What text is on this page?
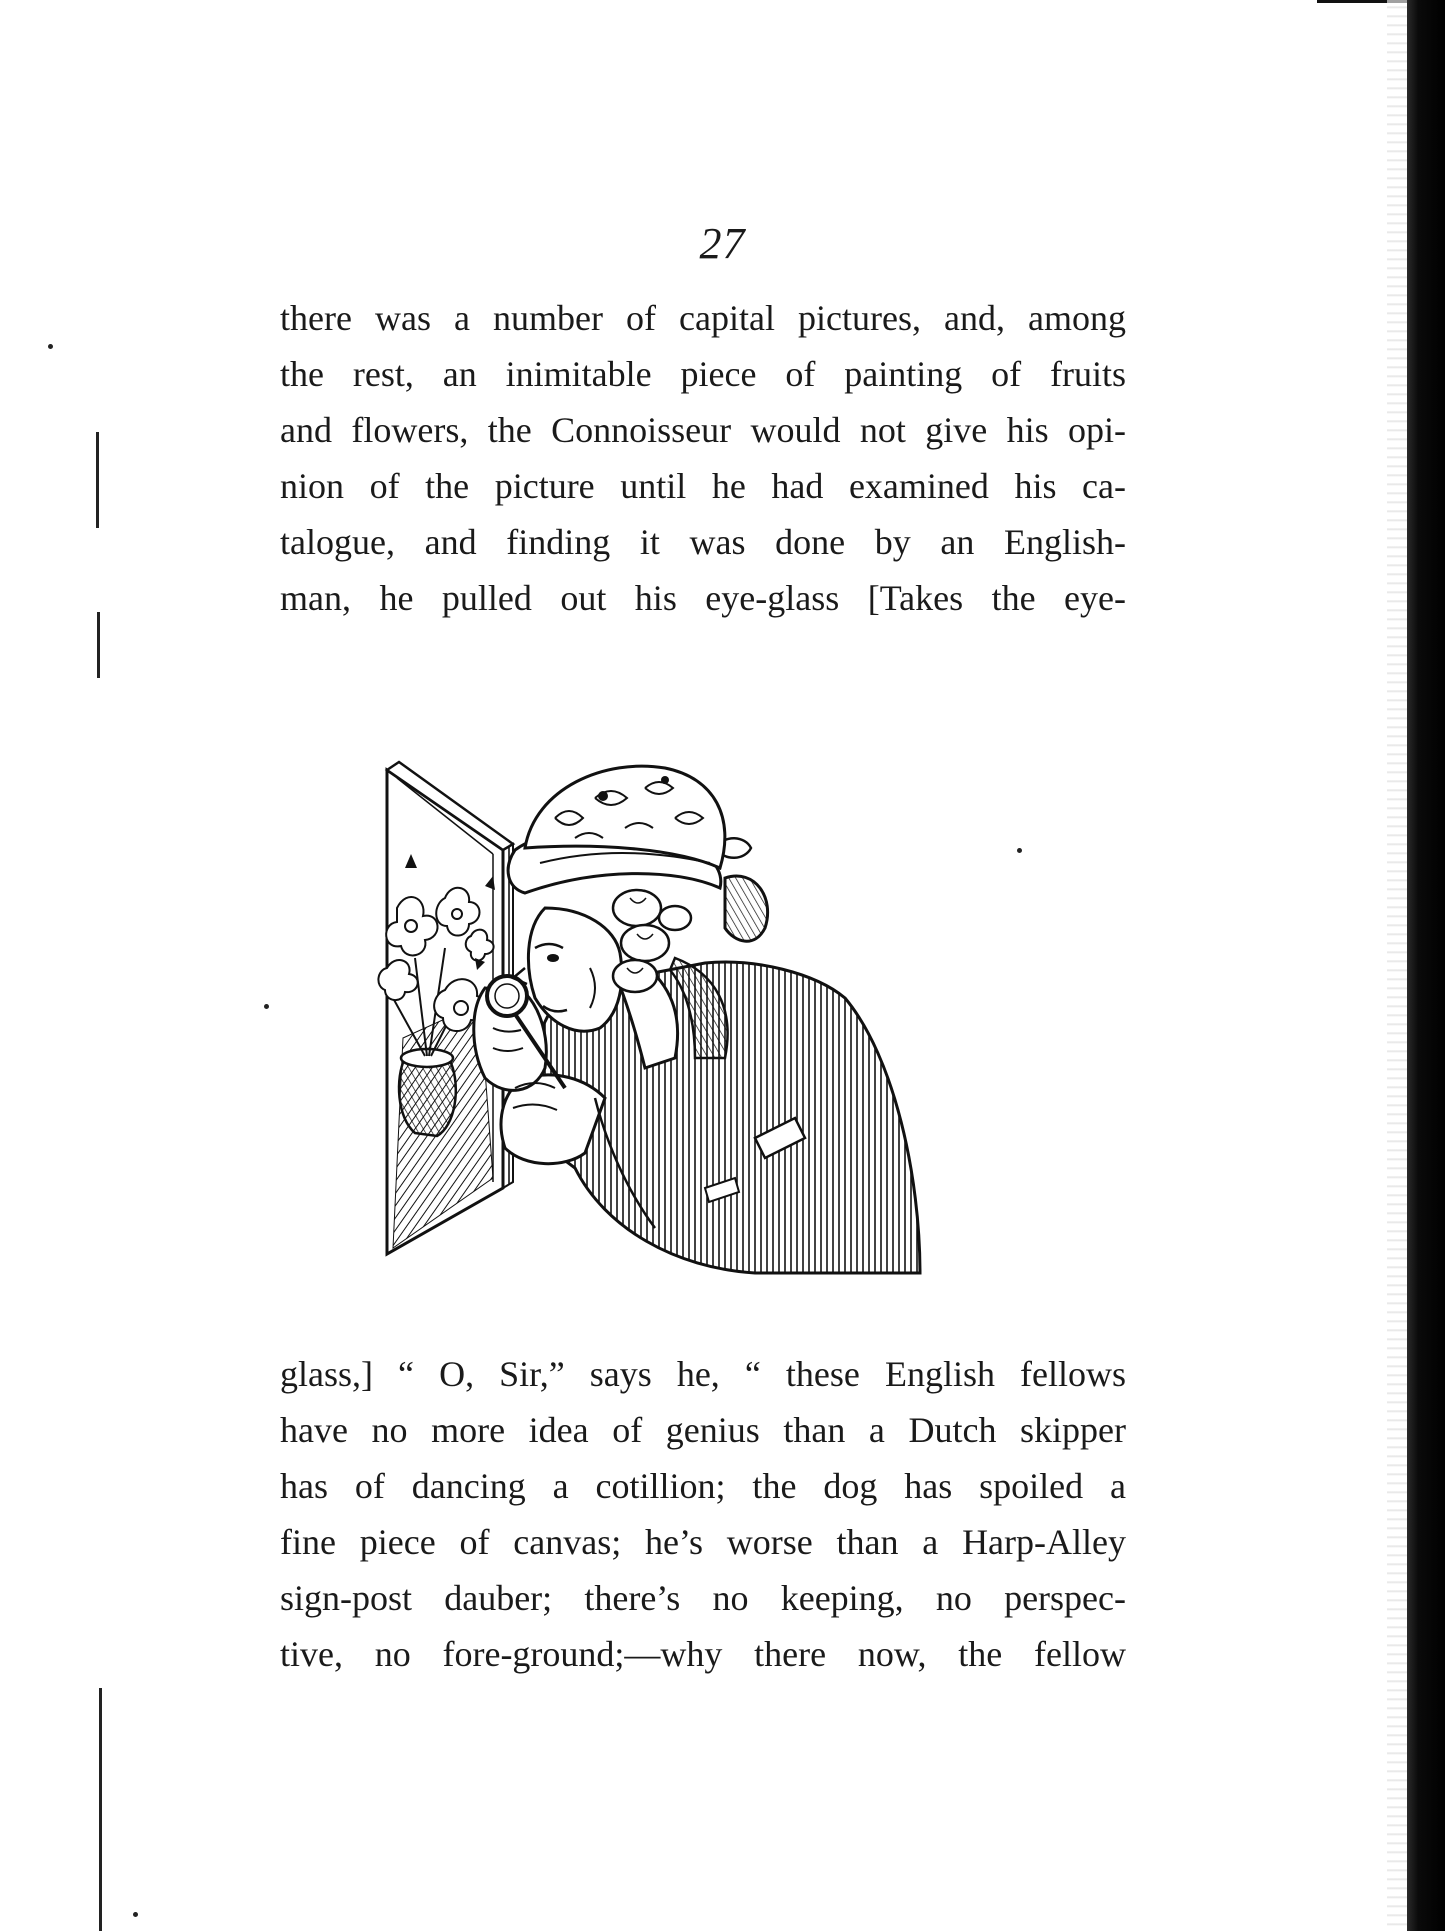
27
there was a number of capital pictures, and, among
the rest, an inimitable piece of painting of fruits
and flowers, the Connoisseur would not give his opi-
nion of the picture until he had examined his ca-
talogue, and finding it was done by an English-
man, he pulled out his eye-glass [Takes the eye-
glass,] “ O, Sir,” says he, “ these English fellows
have no more idea of genius than a Dutch skipper
has of dancing a cotillion; the dog has spoiled a
fine piece of canvas; he’s worse than a Harp-Alley
sign-post dauber; there’s no keeping, no perspec-
tive, no fore-ground;—why there now, the fellow
